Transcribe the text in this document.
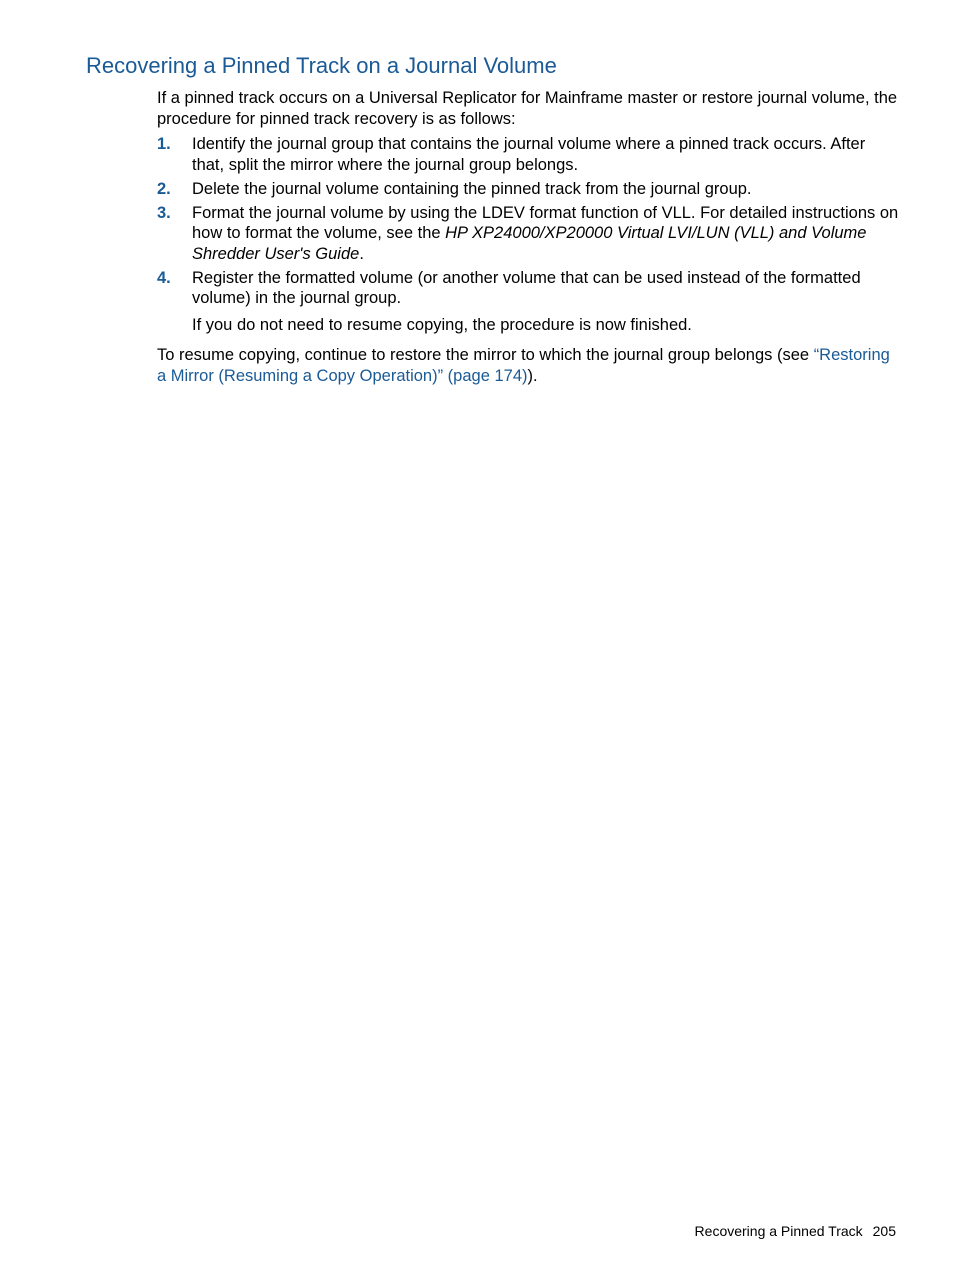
Recovering a Pinned Track on a Journal Volume

If a pinned track occurs on a Universal Replicator for Mainframe master or restore journal volume, the procedure for pinned track recovery is as follows:

1. Identify the journal group that contains the journal volume where a pinned track occurs. After that, split the mirror where the journal group belongs.
2. Delete the journal volume containing the pinned track from the journal group.
3. Format the journal volume by using the LDEV format function of VLL. For detailed instructions on how to format the volume, see the HP XP24000/XP20000 Virtual LVI/LUN (VLL) and Volume Shredder User's Guide.
4. Register the formatted volume (or another volume that can be used instead of the formatted volume) in the journal group.

If you do not need to resume copying, the procedure is now finished.

To resume copying, continue to restore the mirror to which the journal group belongs (see “Restoring a Mirror (Resuming a Copy Operation)” (page 174)).

Recovering a Pinned Track 205
